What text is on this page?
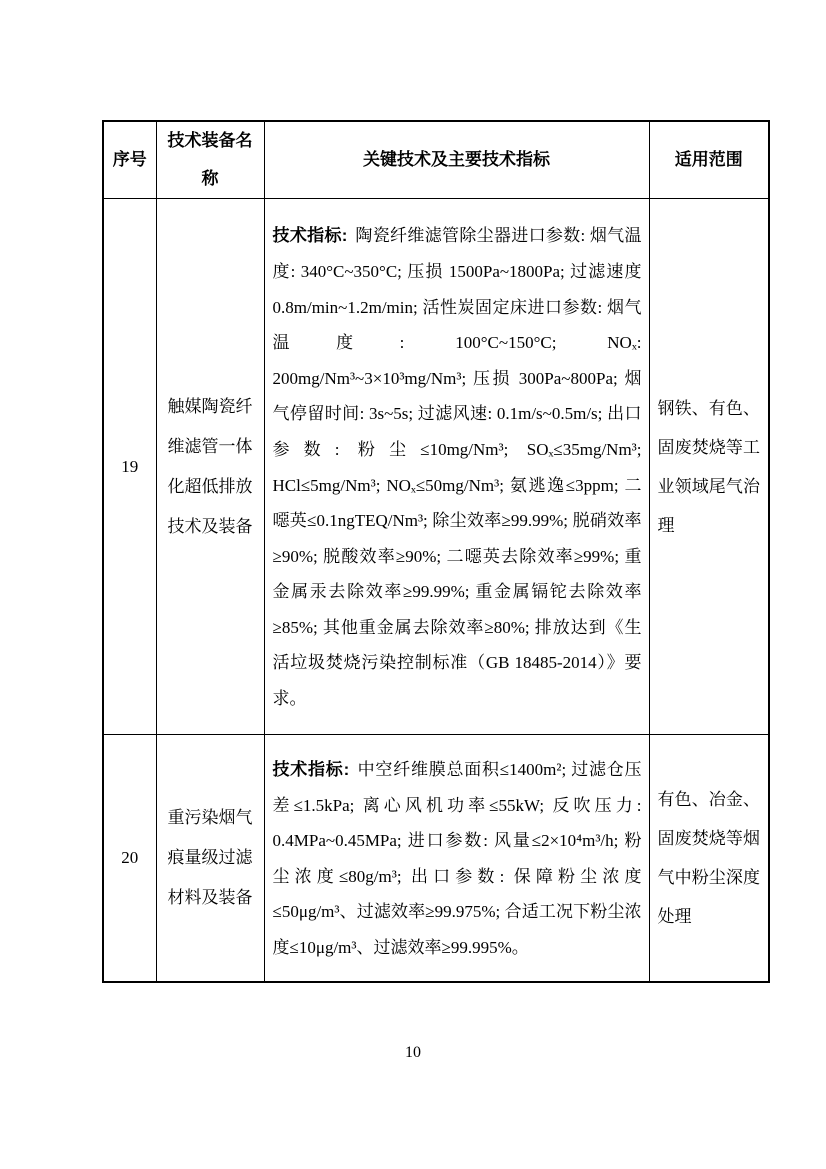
序号	技术装备名称	关键技术及主要技术指标	适用范围
19	触媒陶瓷纤维滤管一体化超低排放技术及装备	技术指标: 陶瓷纤维滤管除尘器进口参数: 烟气温度: 340°C~350°C; 压损 1500Pa~1800Pa; 过滤速度 0.8m/min~1.2m/min; 活性炭固定床进口参数: 烟气温度: 100°C~150°C; NOₓ: 200mg/Nm³~3×10³mg/Nm³; 压损 300Pa~800Pa; 烟气停留时间: 3s~5s; 过滤风速: 0.1m/s~0.5m/s; 出口参数: 粉尘≤10mg/Nm³; SOₓ≤35mg/Nm³; HCl≤5mg/Nm³; NOₓ≤50mg/Nm³; 氨逃逸≤3ppm; 二噁英≤0.1ngTEQ/Nm³; 除尘效率≥99.99%; 脱硝效率≥90%; 脱酸效率≥90%; 二噁英去除效率≥99%; 重金属汞去除效率≥99.99%; 重金属镉铊去除效率≥85%; 其他重金属去除效率≥80%; 排放达到《生活垃圾焚烧污染控制标准（GB 18485-2014）》要求。	钢铁、有色、固废焚烧等工业领域尾气治理
20	重污染烟气痕量级过滤材料及装备	技术指标: 中空纤维膜总面积≤1400m²; 过滤仓压差≤1.5kPa; 离心风机功率≤55kW; 反吹压力: 0.4MPa~0.45MPa; 进口参数: 风量≤2×10⁴m³/h; 粉尘浓度≤80g/m³; 出口参数: 保障粉尘浓度≤50μg/m³、过滤效率≥99.975%; 合适工况下粉尘浓度≤10μg/m³、过滤效率≥99.995%。	有色、冶金、固废焚烧等烟气中粉尘深度处理
10
